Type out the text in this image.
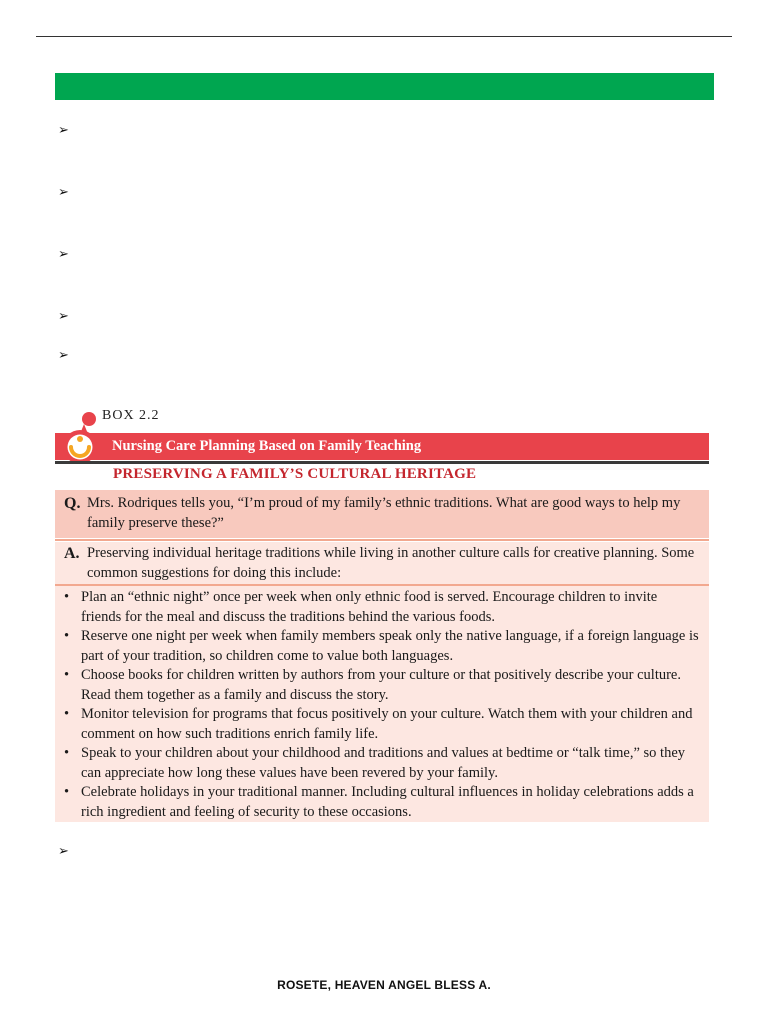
➢
➢
➢
➢
➢
Nursing Care Planning Based on Family Teaching
BOX 2.2
PRESERVING A FAMILY’S CULTURAL HERITAGE
Q. Mrs. Rodriques tells you, “I’m proud of my family’s ethnic traditions. What are good ways to help my family preserve these?”
A. Preserving individual heritage traditions while living in another culture calls for creative planning. Some common suggestions for doing this include:
• Plan an “ethnic night” once per week when only ethnic food is served. Encourage children to invite friends for the meal and discuss the traditions behind the various foods.
• Reserve one night per week when family members speak only the native language, if a foreign language is part of your tradition, so children come to value both languages.
• Choose books for children written by authors from your culture or that positively describe your culture. Read them together as a family and discuss the story.
• Monitor television for programs that focus positively on your culture. Watch them with your children and comment on how such traditions enrich family life.
• Speak to your children about your childhood and traditions and values at bedtime or “talk time,” so they can appreciate how long these values have been revered by your family.
• Celebrate holidays in your traditional manner. Including cultural influences in holiday celebrations adds a rich ingredient and feeling of security to these occasions.
➢
ROSETE, HEAVEN ANGEL BLESS A.
